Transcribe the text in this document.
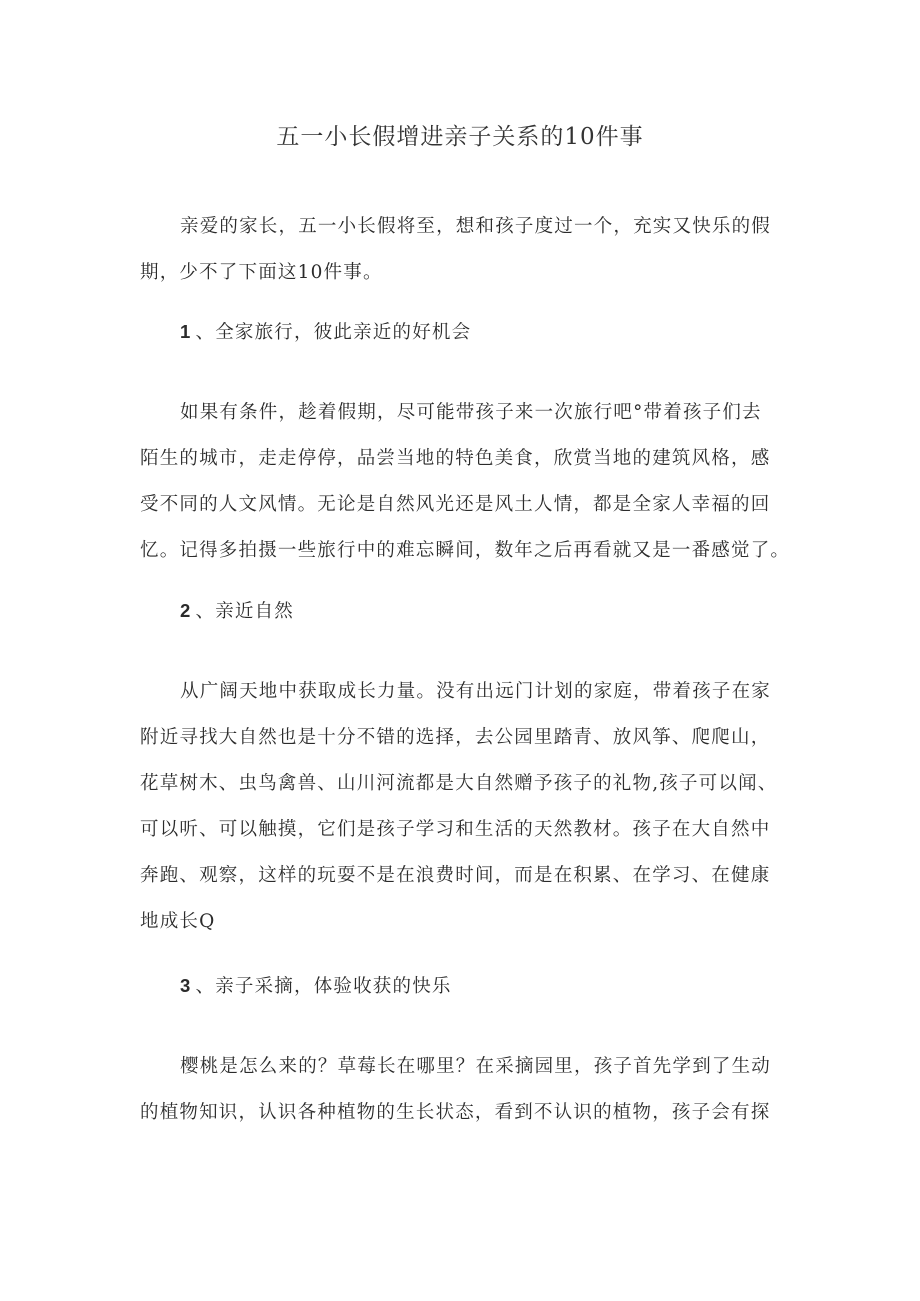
五一小长假增进亲子关系的10件事
亲爱的家长，五一小长假将至，想和孩子度过一个，充实又快乐的假
期，少不了下面这10件事。
1 、全家旅行，彼此亲近的好机会
如果有条件，趁着假期，尽可能带孩子来一次旅行吧°带着孩子们去
陌生的城市，走走停停，品尝当地的特色美食，欣赏当地的建筑风格，感
受不同的人文风情。无论是自然风光还是风土人情，都是全家人幸福的回
忆。记得多拍摄一些旅行中的难忘瞬间，数年之后再看就又是一番感觉了。
2 、亲近自然
从广阔天地中获取成长力量。没有出远门计划的家庭，带着孩子在家
附近寻找大自然也是十分不错的选择，去公园里踏青、放风筝、爬爬山，
花草树木、虫鸟禽兽、山川河流都是大自然赠予孩子的礼物,孩子可以闻、
可以听、可以触摸，它们是孩子学习和生活的天然教材。孩子在大自然中
奔跑、观察，这样的玩耍不是在浪费时间，而是在积累、在学习、在健康
地成长Q
3 、亲子采摘，体验收获的快乐
樱桃是怎么来的？草莓长在哪里？在采摘园里，孩子首先学到了生动
的植物知识，认识各种植物的生长状态，看到不认识的植物，孩子会有探
